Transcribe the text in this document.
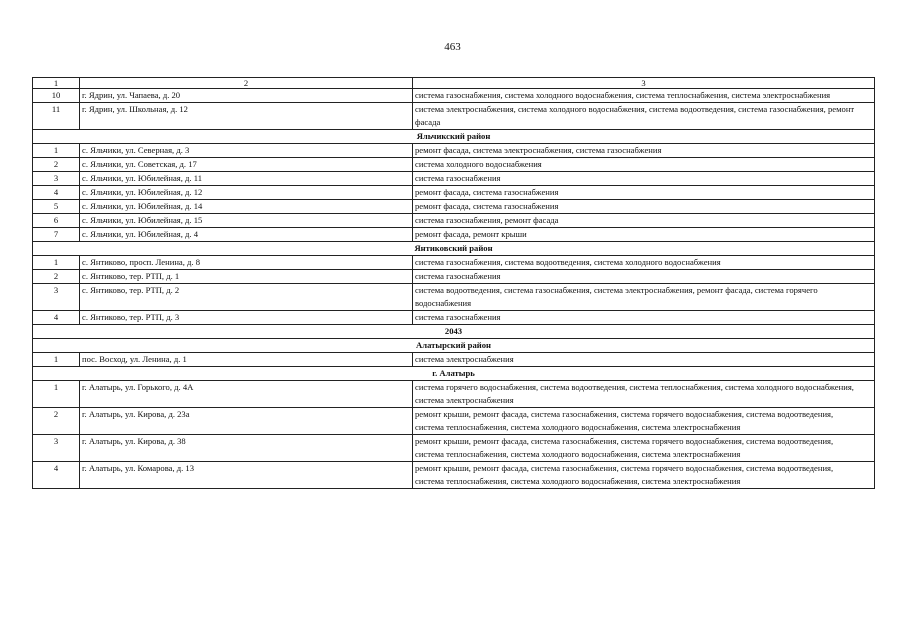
463
1	2	3
10	г. Ядрин, ул. Чапаева, д. 20	система газоснабжения, система холодного водоснабжения, система теплоснабжения, система электроснабжения
11	г. Ядрин, ул. Школьная, д. 12	система электроснабжения, система холодного водоснабжения, система водоотведения, система газоснабжения, ремонт фасада
Яльчикский район		
1	с. Яльчики, ул. Северная, д. 3	ремонт фасада, система электроснабжения, система газоснабжения
2	с. Яльчики, ул. Советская, д. 17	система холодного водоснабжения
3	с. Яльчики, ул. Юбилейная, д. 11	система газоснабжения
4	с. Яльчики, ул. Юбилейная, д. 12	ремонт фасада, система газоснабжения
5	с. Яльчики, ул. Юбилейная, д. 14	ремонт фасада, система газоснабжения
6	с. Яльчики, ул. Юбилейная, д. 15	система газоснабжения, ремонт фасада
7	с. Яльчики, ул. Юбилейная, д. 4	ремонт фасада, ремонт крыши
Янтиковский район		
1	с. Янтиково, просп. Ленина, д. 8	система газоснабжения, система водоотведения, система холодного водоснабжения
2	с. Янтиково, тер. РТП, д. 1	система газоснабжения
3	с. Янтиково, тер. РТП, д. 2	система водоотведения, система газоснабжения, система электроснабжения, ремонт фасада, система горячего водоснабжения
4	с. Янтиково, тер. РТП, д. 3	система газоснабжения
2043		
Алатырский район		
1	пос. Восход, ул. Ленина, д. 1	система электроснабжения
г. Алатырь		
1	г. Алатырь, ул. Горького, д. 4А	система горячего водоснабжения, система водоотведения, система теплоснабжения, система холодного водоснабжения, система электроснабжения
2	г. Алатырь, ул. Кирова, д. 23а	ремонт крыши, ремонт фасада, система газоснабжения, система горячего водоснабжения, система водоотведения, система теплоснабжения, система холодного водоснабжения, система электроснабжения
3	г. Алатырь, ул. Кирова, д. 38	ремонт крыши, ремонт фасада, система газоснабжения, система горячего водоснабжения, система водоотведения, система теплоснабжения, система холодного водоснабжения, система электроснабжения
4	г. Алатырь, ул. Комарова, д. 13	ремонт крыши, ремонт фасада, система газоснабжения, система горячего водоснабжения, система водоотведения, система теплоснабжения, система холодного водоснабжения, система электроснабжения
